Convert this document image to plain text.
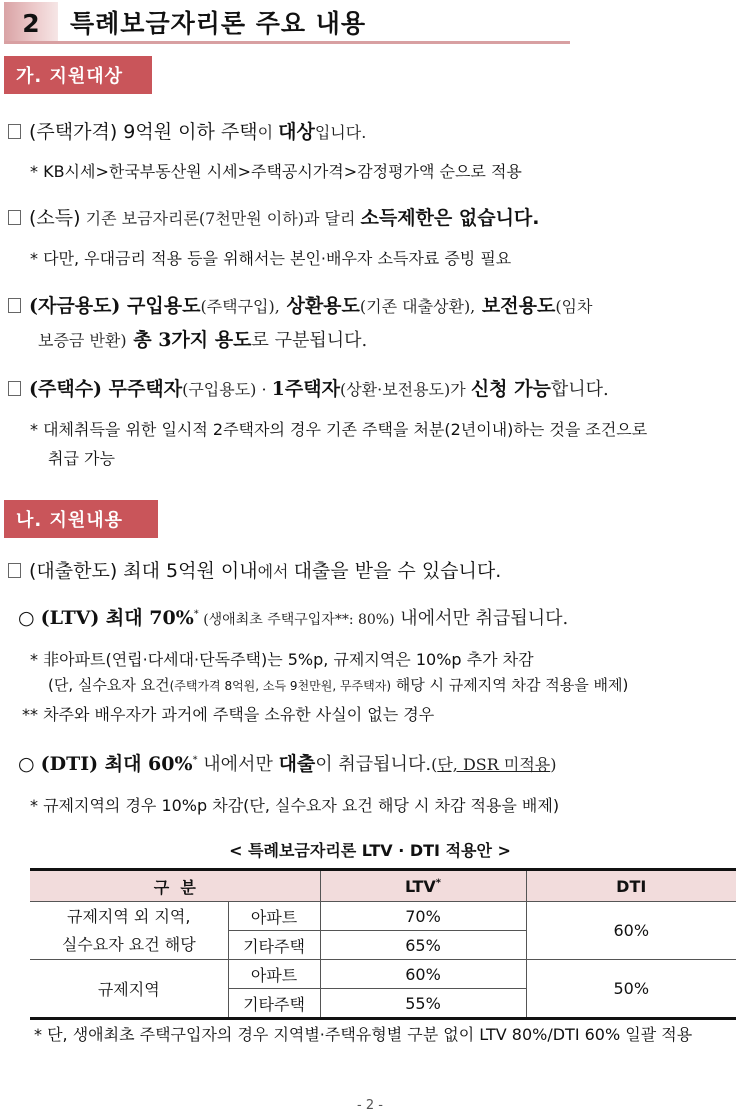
2	특례보금자리론 주요 내용
가. 지원대상
(주택가격) 9억원 이하 주택이 대상입니다.
* KB시세>한국부동산원 시세>주택공시가격>감정평가액 순으로 적용
(소득) 기존 보금자리론(7천만원 이하)과 달리 소득제한은 없습니다.
* 다만, 우대금리 적용 등을 위해서는 본인·배우자 소득자료 증빙 필요
(자금용도) 구입용도(주택구입), 상환용도(기존 대출상환), 보전용도(임차
보증금 반환) 총 3가지 용도로 구분됩니다.
(주택수) 무주택자(구입용도) · 1주택자(상환·보전용도)가 신청 가능합니다.
* 대체취득을 위한 일시적 2주택자의 경우 기존 주택을 처분(2년이내)하는 것을 조건으로
취급 가능
나. 지원내용
(대출한도) 최대 5억원 이내에서 대출을 받을 수 있습니다.
○ (LTV) 최대 70%* (생애최초 주택구입자**: 80%) 내에서만 취급됩니다.
* 非아파트(연립·다세대·단독주택)는 5%p, 규제지역은 10%p 추가 차감
(단, 실수요자 요건(주택가격 8억원, 소득 9천만원, 무주택자) 해당 시 규제지역 차감 적용을 배제)
** 차주와 배우자가 과거에 주택을 소유한 사실이 없는 경우
○ (DTI) 최대 60%* 내에서만 대출이 취급됩니다.(단, DSR 미적용)
* 규제지역의 경우 10%p 차감(단, 실수요자 요건 해당 시 차감 적용을 배제)
< 특례보금자리론 LTV · DTI 적용안 >
구  분		LTV*	DTI

규제지역 외 지역,
실수요자 요건 해당	아파트	70%	60%
	기타주택	65%	
규제지역	아파트	60%	50%
	기타주택	55%	
* 단, 생애최초 주택구입자의 경우 지역별·주택유형별 구분 없이 LTV 80%/DTI 60% 일괄 적용
- 2 -
